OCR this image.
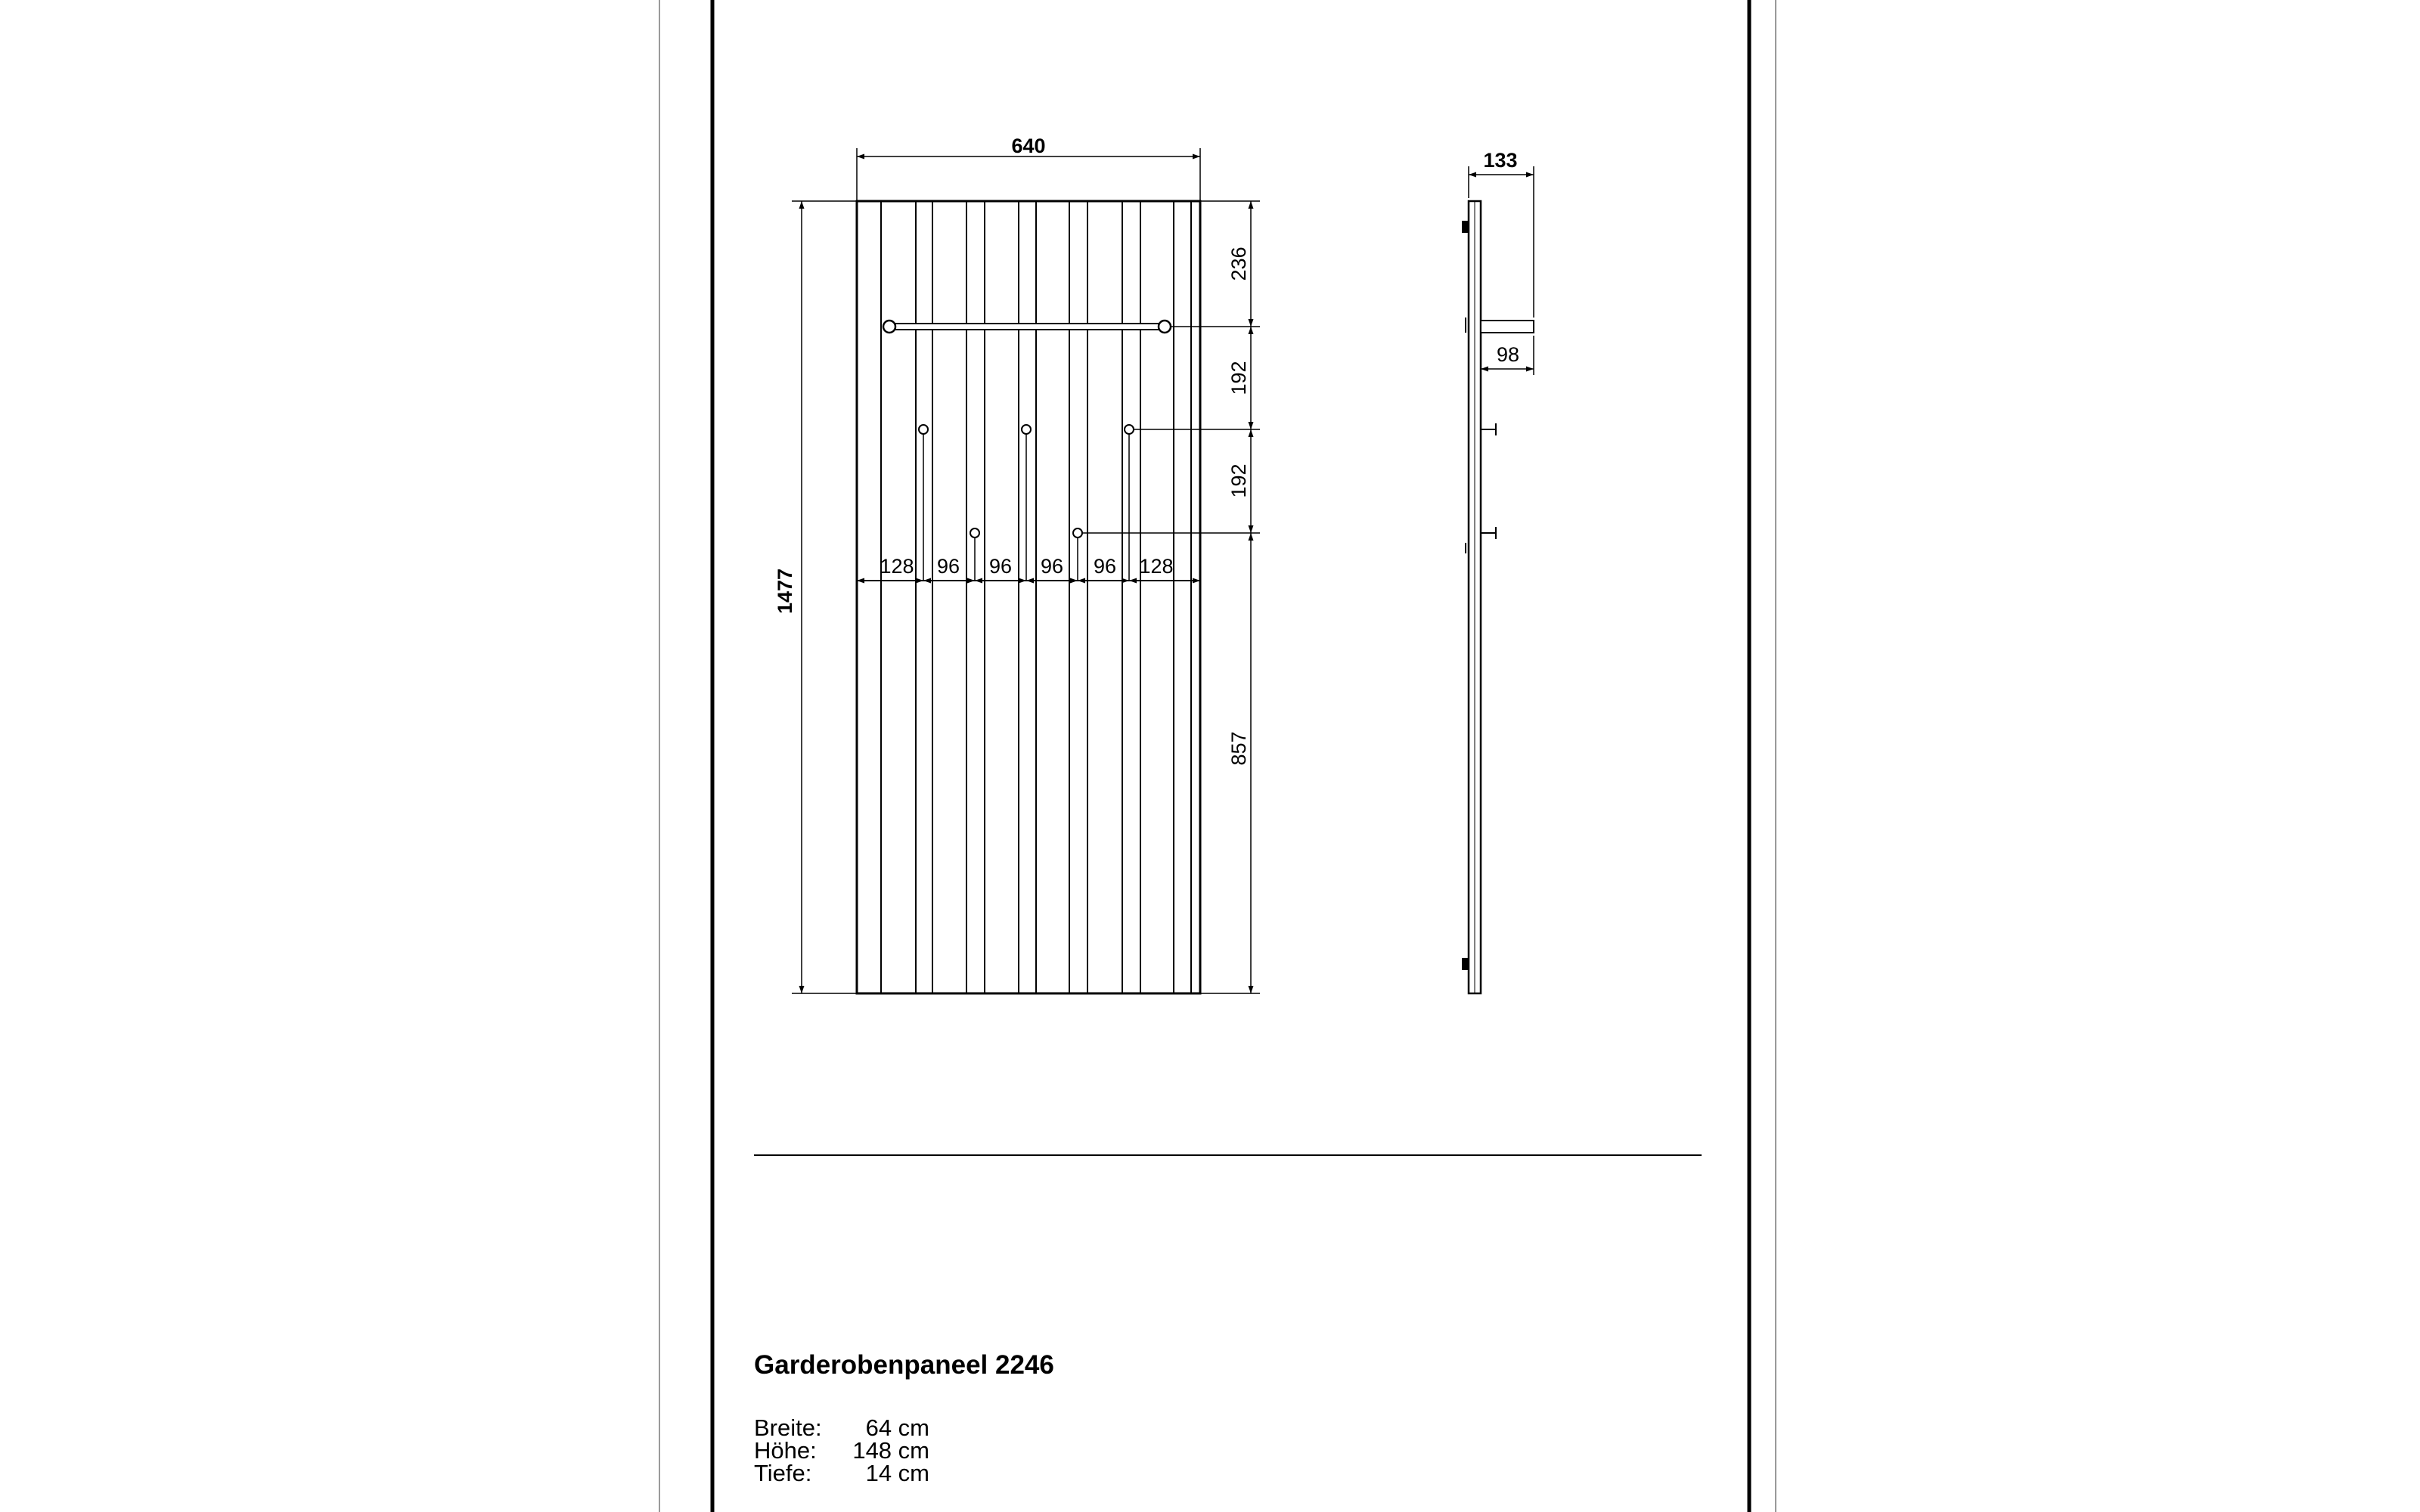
640
1477
236
192
192
857
128 96 96 96 96 128
133
98
Garderobenpaneel 2246
Breite: 64 cm
Höhe: 148 cm
Tiefe: 14 cm
